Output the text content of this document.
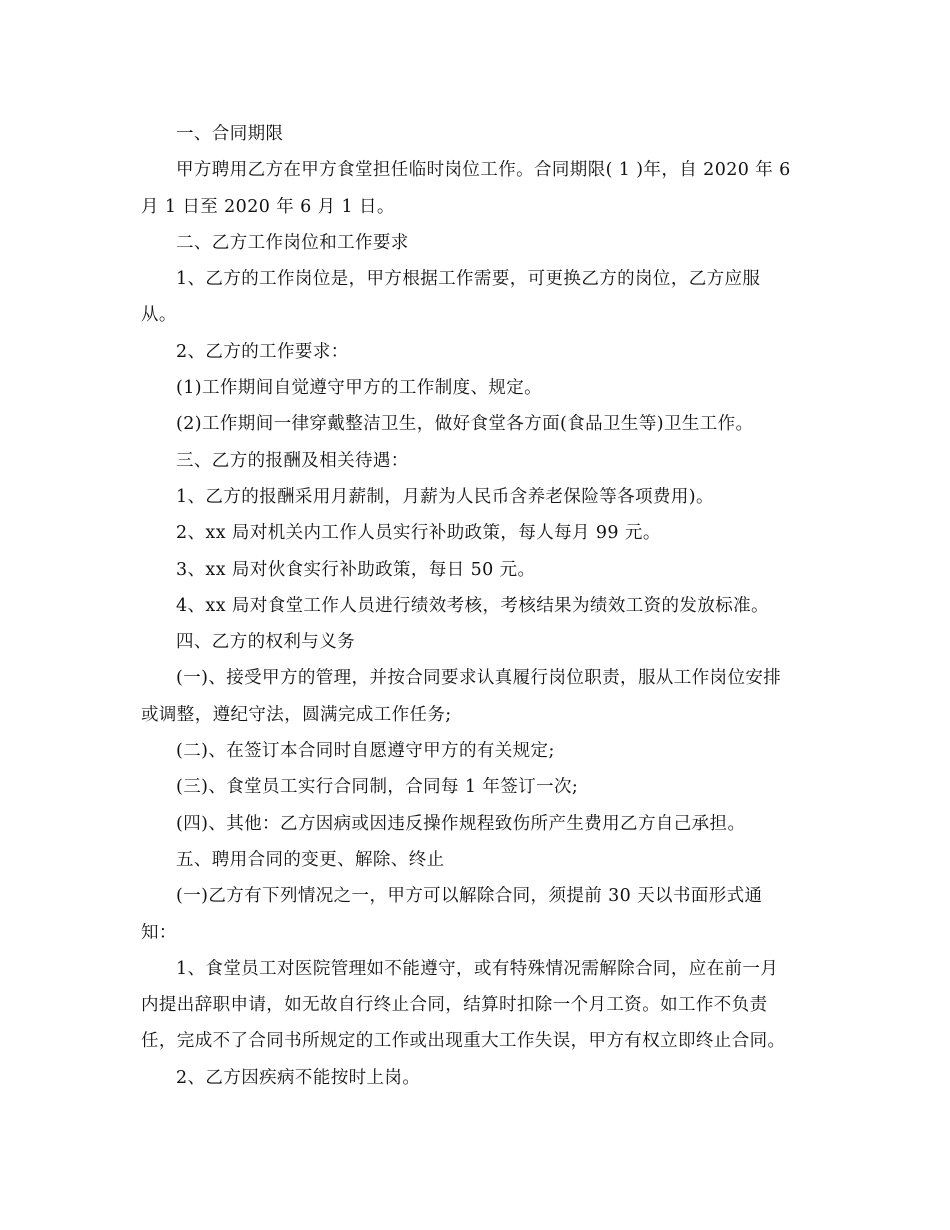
一、合同期限

甲方聘用乙方在甲方食堂担任临时岗位工作。合同期限( 1 )年，自 2020 年 6

月 1 日至 2020 年 6 月 1 日。

二、乙方工作岗位和工作要求

1、乙方的工作岗位是，甲方根据工作需要，可更换乙方的岗位，乙方应服

从。

2、乙方的工作要求：

(1)工作期间自觉遵守甲方的工作制度、规定。

(2)工作期间一律穿戴整洁卫生，做好食堂各方面(食品卫生等)卫生工作。

三、乙方的报酬及相关待遇：

1、乙方的报酬采用月薪制，月薪为人民币含养老保险等各项费用)。

2、xx 局对机关内工作人员实行补助政策，每人每月 99 元。

3、xx 局对伙食实行补助政策，每日 50 元。

4、xx 局对食堂工作人员进行绩效考核，考核结果为绩效工资的发放标准。

四、乙方的权利与义务

(一)、接受甲方的管理，并按合同要求认真履行岗位职责，服从工作岗位安排

或调整，遵纪守法，圆满完成工作任务;

(二)、在签订本合同时自愿遵守甲方的有关规定;

(三)、食堂员工实行合同制，合同每 1 年签订一次;

(四)、其他：乙方因病或因违反操作规程致伤所产生费用乙方自己承担。

五、聘用合同的变更、解除、终止

(一)乙方有下列情况之一，甲方可以解除合同，须提前 30 天以书面形式通

知：

1、食堂员工对医院管理如不能遵守，或有特殊情况需解除合同，应在前一月

内提出辞职申请，如无故自行终止合同，结算时扣除一个月工资。如工作不负责

任，完成不了合同书所规定的工作或出现重大工作失误，甲方有权立即终止合同。

2、乙方因疾病不能按时上岗。
